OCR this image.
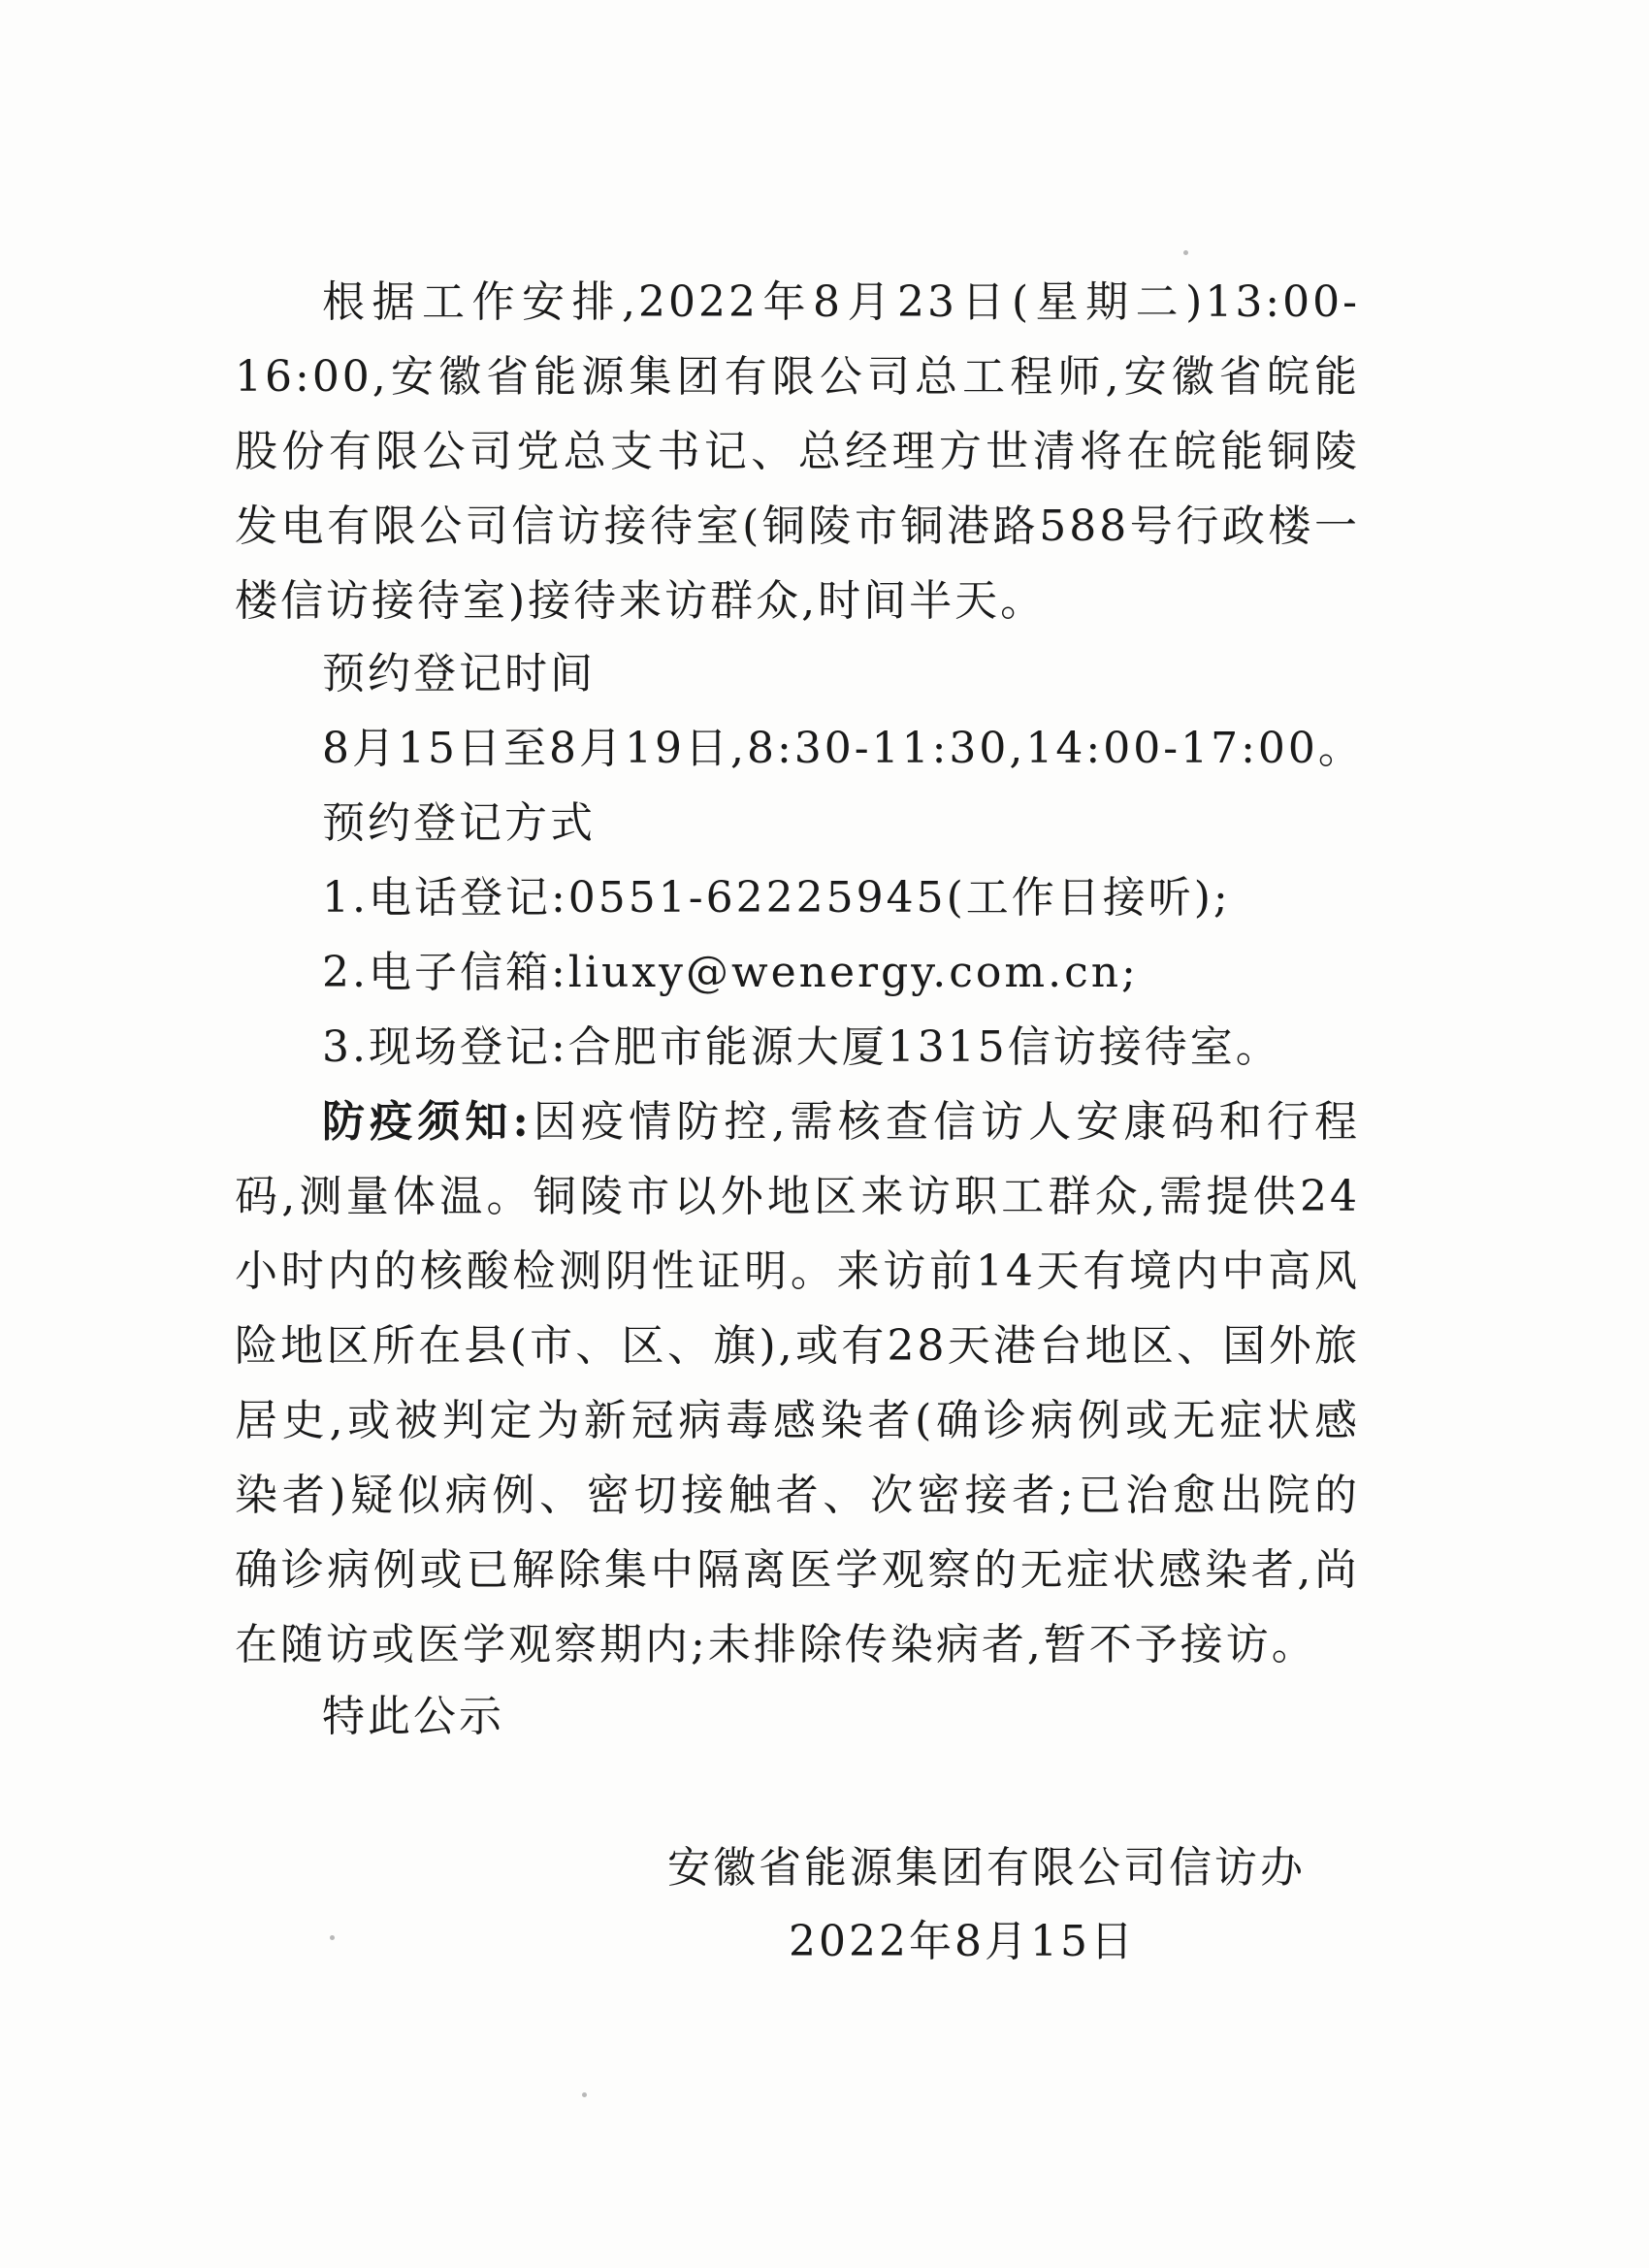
根据工作安排,2022年8月23日(星期二)13:00-16:00,安徽省能源集团有限公司总工程师,安徽省皖能股份有限公司党总支书记、总经理方世清将在皖能铜陵发电有限公司信访接待室(铜陵市铜港路588号行政楼一楼信访接待室)接待来访群众,时间半天。

预约登记时间

8月15日至8月19日,8:30-11:30,14:00-17:00。

预约登记方式

1.电话登记:0551-62225945(工作日接听);

2.电子信箱:liuxy@wenergy.com.cn;

3.现场登记:合肥市能源大厦1315信访接待室。

防疫须知:因疫情防控,需核查信访人安康码和行程码,测量体温。铜陵市以外地区来访职工群众,需提供24小时内的核酸检测阴性证明。来访前14天有境内中高风险地区所在县(市、区、旗),或有28天港台地区、国外旅居史,或被判定为新冠病毒感染者(确诊病例或无症状感染者)疑似病例、密切接触者、次密接者;已治愈出院的确诊病例或已解除集中隔离医学观察的无症状感染者,尚在随访或医学观察期内;未排除传染病者,暂不予接访。

特此公示

安徽省能源集团有限公司信访办

2022年8月15日
